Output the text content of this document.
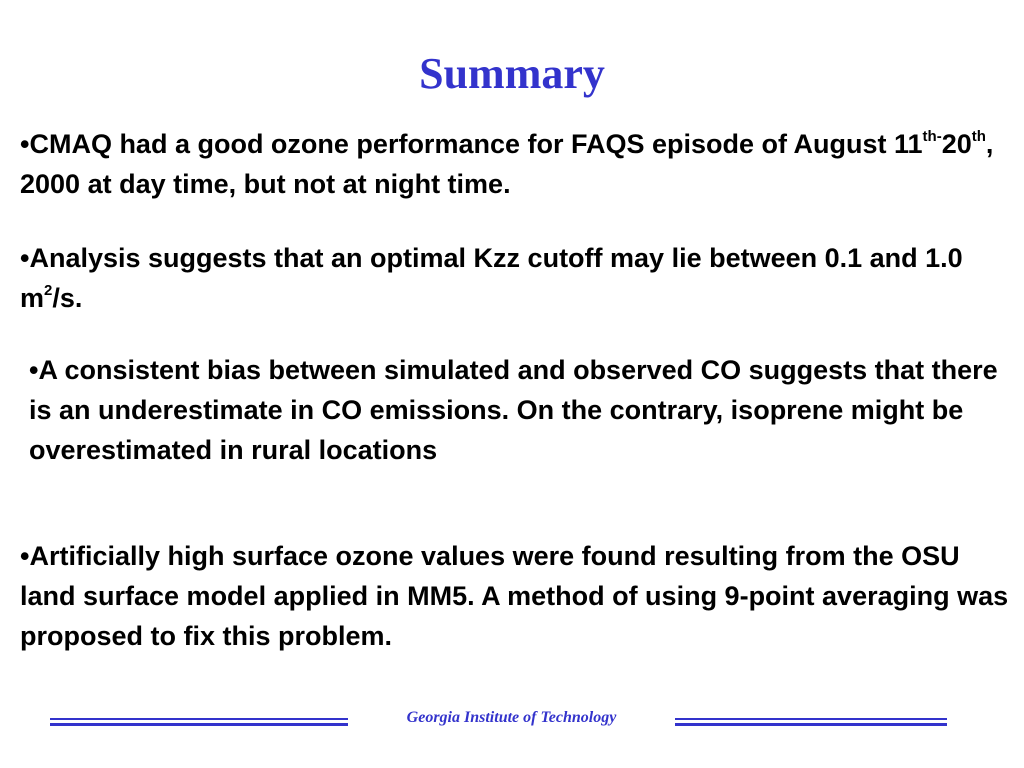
Summary

•CMAQ had a good ozone performance for FAQS episode of August $11^{th-}20th$, 2000 at day time, but not at night time.

•Analysis suggests that an optimal Kzz cutoff may lie between 0.1 and 1.0 $m^2/s$.

•A consistent bias between simulated and observed CO suggests that there is an underestimate in CO emissions. On the contrary, isoprene might be overestimated in rural locations

•Artificially high surface ozone values were found resulting from the OSU land surface model applied in MM5. A method of using 9-point averaging was proposed to fix this problem.

Georgia Institute of Technology
